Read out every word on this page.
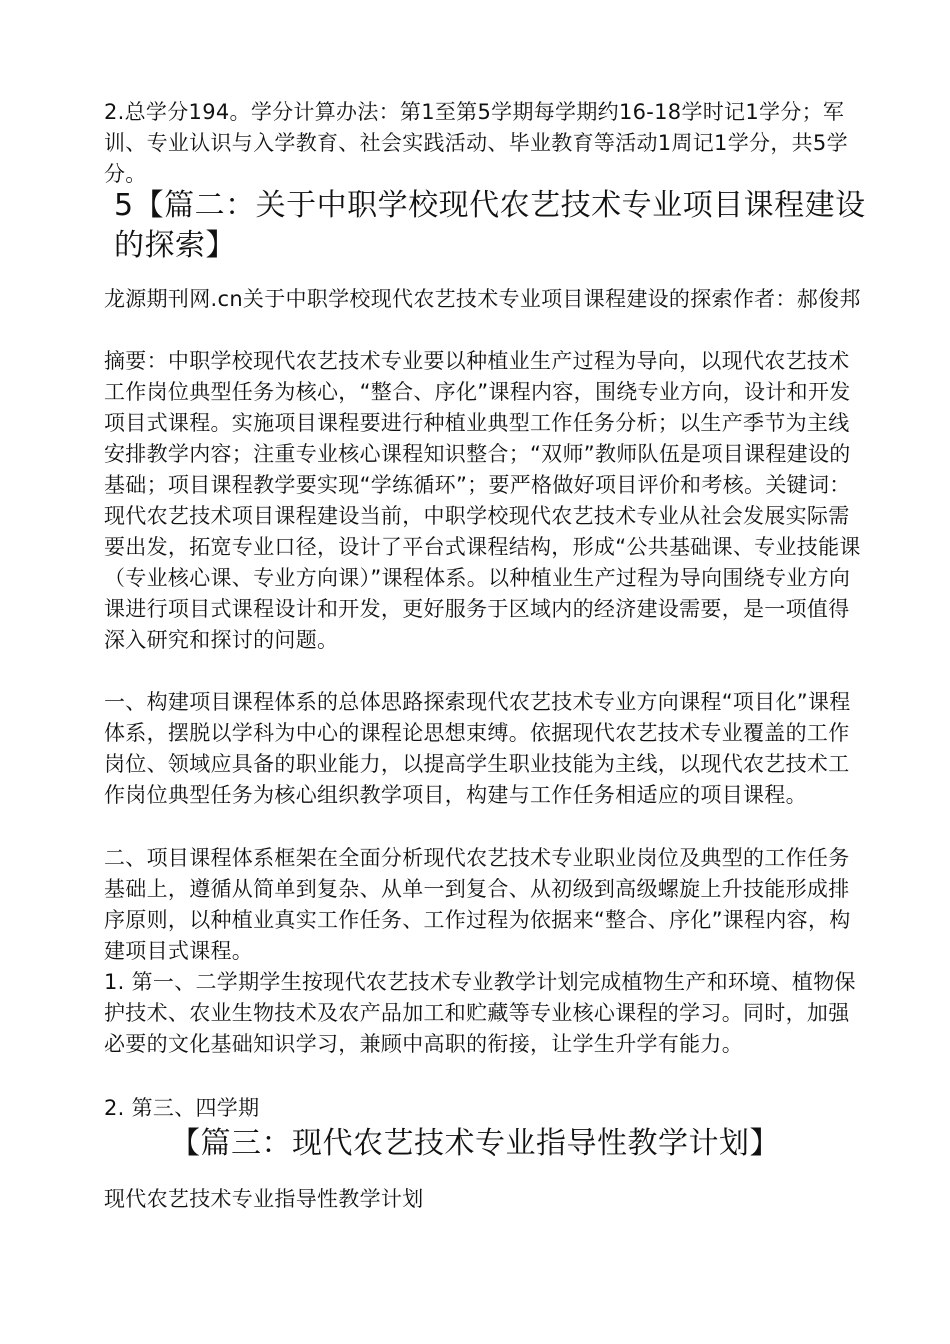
2.总学分194。学分计算办法：第1至第5学期每学期约16-18学时记1学分；军训、专业认识与入学教育、社会实践活动、毕业教育等活动1周记1学分，共5学分。

5【篇二：关于中职学校现代农艺技术专业项目课程建设的探索】

龙源期刊网.cn关于中职学校现代农艺技术专业项目课程建设的探索作者：郝俊邦

摘要：中职学校现代农艺技术专业要以种植业生产过程为导向，以现代农艺技术工作岗位典型任务为核心，“整合、序化”课程内容，围绕专业方向，设计和开发项目式课程。实施项目课程要进行种植业典型工作任务分析；以生产季节为主线安排教学内容；注重专业核心课程知识整合；“双师”教师队伍是项目课程建设的基础；项目课程教学要实现“学练循环”；要严格做好项目评价和考核。关键词：现代农艺技术项目课程建设当前，中职学校现代农艺技术专业从社会发展实际需要出发，拓宽专业口径，设计了平台式课程结构，形成“公共基础课、专业技能课（专业核心课、专业方向课）”课程体系。以种植业生产过程为导向围绕专业方向课进行项目式课程设计和开发，更好服务于区域内的经济建设需要，是一项值得深入研究和探讨的问题。

一、构建项目课程体系的总体思路探索现代农艺技术专业方向课程“项目化”课程体系，摆脱以学科为中心的课程论思想束缚。依据现代农艺技术专业覆盖的工作岗位、领域应具备的职业能力，以提高学生职业技能为主线，以现代农艺技术工作岗位典型任务为核心组织教学项目，构建与工作任务相适应的项目课程。

二、项目课程体系框架在全面分析现代农艺技术专业职业岗位及典型的工作任务基础上，遵循从简单到复杂、从单一到复合、从初级到高级螺旋上升技能形成排序原则，以种植业真实工作任务、工作过程为依据来“整合、序化”课程内容，构建项目式课程。

1. 第一、二学期学生按现代农艺技术专业教学计划完成植物生产和环境、植物保护技术、农业生物技术及农产品加工和贮藏等专业核心课程的学习。同时，加强必要的文化基础知识学习，兼顾中高职的衔接，让学生升学有能力。

2. 第三、四学期

【篇三：现代农艺技术专业指导性教学计划】

现代农艺技术专业指导性教学计划
